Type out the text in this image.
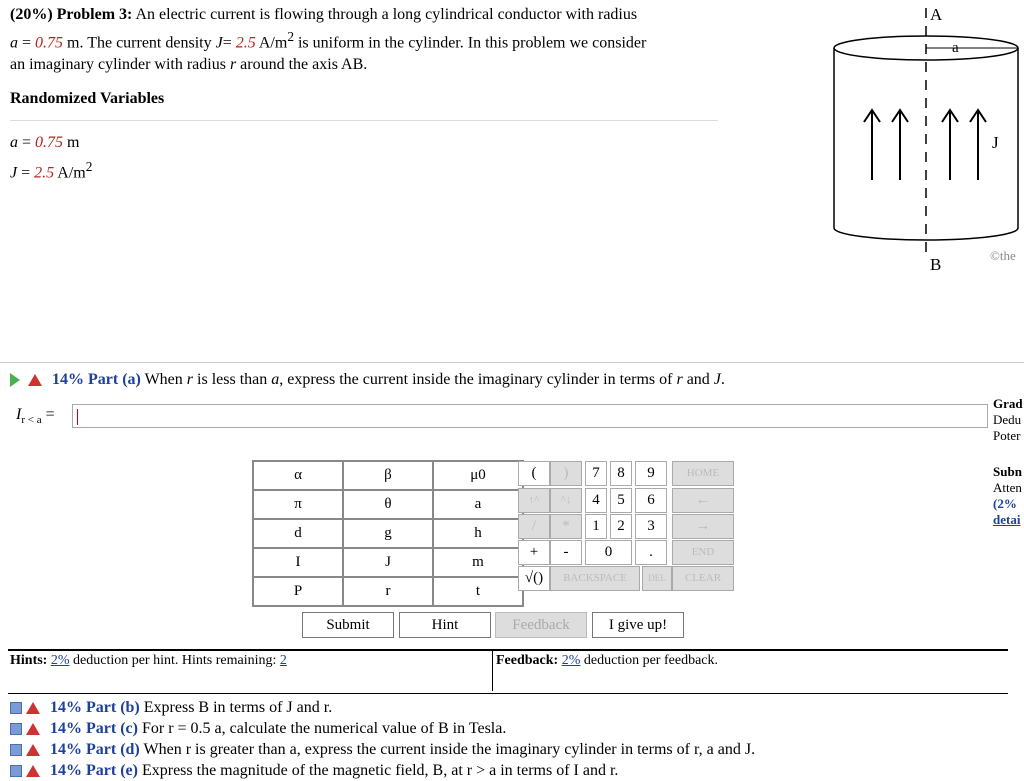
(20%) Problem 3: An electric current is flowing through a long cylindrical conductor with radius
a = 0.75 m. The current density J= 2.5 $A/m^2$ is uniform in the cylinder. In this problem we consider
an imaginary cylinder with radius r around the axis AB.
Randomized Variables
a = 0.75 m
J = 2.5 $A/m^2$
A
a
J
B	©the
14% Part (a) When r is less than a, express the current inside the imaginary cylinder in terms of r and J.
$I_{r < a}$ =
Grad
Dedu
Poter
Subn
Atten
(2%
detai
α	β	μ0
π	θ	a
d	g	h
I	J	m
P	r	t
(	)	7	8	9	HOME
↑^	^↓	4	5	6	←
/	*	1	2	3	→
+	-	0	.	END
√()	BACKSPACE	DEL	CLEAR
Submit	Hint	Feedback	I give up!
Hints: 2% deduction per hint. Hints remaining: 2	Feedback: 2% deduction per feedback.
14% Part (b) Express B in terms of J and r.
14% Part (c) For r = 0.5 a, calculate the numerical value of B in Tesla.
14% Part (d) When r is greater than a, express the current inside the imaginary cylinder in terms of r, a and J.
14% Part (e) Express the magnitude of the magnetic field, B, at r > a in terms of I and r.
